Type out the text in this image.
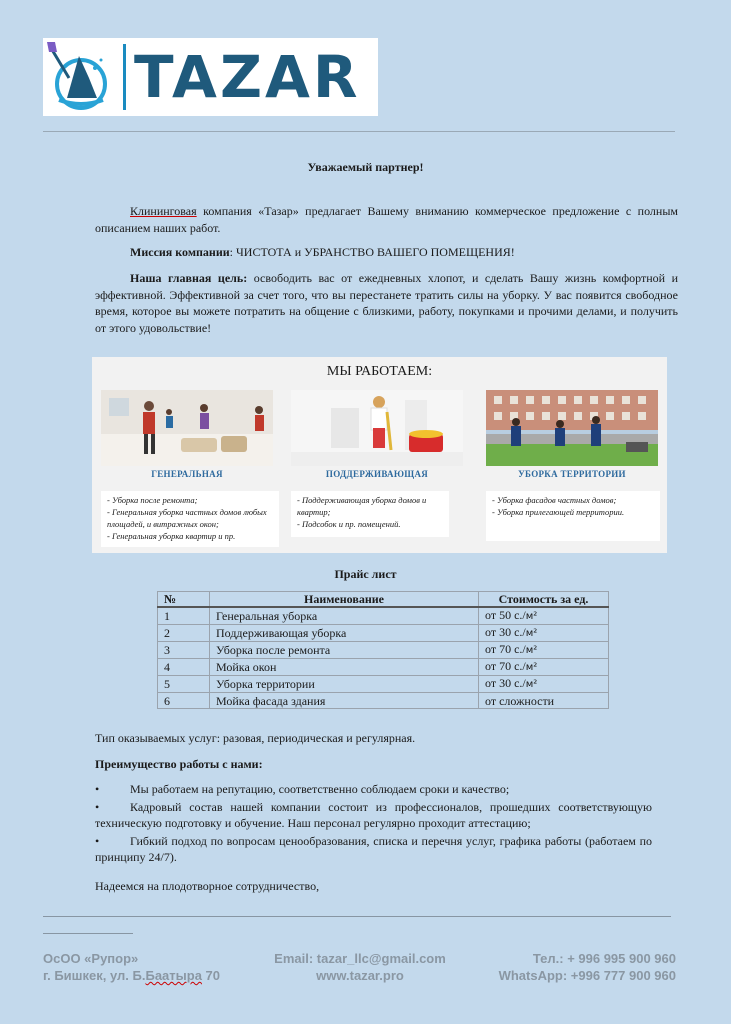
TAZAR
Уважаемый партнер!
Клининговая компания «Тазар» предлагает Вашему вниманию коммерческое предложение с полным описанием наших работ.
Миссия компании: ЧИСТОТА и УБРАНСТВО ВАШЕГО ПОМЕЩЕНИЯ!
Наша главная цель: освободить вас от ежедневных хлопот, и сделать Вашу жизнь комфортной и эффективной. Эффективной за счет того, что вы перестанете тратить силы на уборку. У вас появится свободное время, которое вы можете потратить на общение с близкими, работу, покупками и прочими делами, и получить от этого удовольствие!
МЫ РАБОТАЕМ:
ГЕНЕРАЛЬНАЯ
- Уборка после ремонта;
- Генеральная уборка частных домов любых площадей, и витражных окон;
- Генеральная уборка квартир и пр.
ПОДДЕРЖИВАЮЩАЯ
- Поддерживающая уборка домов и квартир;
- Подсобок и пр. помещений.
УБОРКА ТЕРРИТОРИИ
- Уборка фасадов частных домов;
- Уборка прилегающей территории.
Прайс лист
№	Наименование	Стоимость за ед.
1	Генеральная уборка	от 50 с./м²
2	Поддерживающая уборка	от 30 с./м²
3	Уборка после ремонта	от 70 с./м²
4	Мойка окон	от 70 с./м²
5	Уборка территории	от 30 с./м²
6	Мойка фасада здания	от сложности
Тип оказываемых услуг: разовая, периодическая и регулярная.
Преимущество работы с нами:
•	Мы работаем на репутацию, соответственно соблюдаем сроки и качество;
•	Кадровый состав нашей компании состоит из профессионалов, прошедших соответствующую техническую подготовку и обучение. Наш персонал регулярно проходит аттестацию;
•	Гибкий подход по вопросам ценообразования, списка и перечня услуг, графика работы (работаем по принципу 24/7).
Надеемся на плодотворное сотрудничество,
ОсОО «Рупор»
г. Бишкек, ул. Б.Баатыра 70
Email: tazar_llc@gmail.com
www.tazar.pro
Тел.: + 996 995 900 960
WhatsApp: +996 777 900 960
